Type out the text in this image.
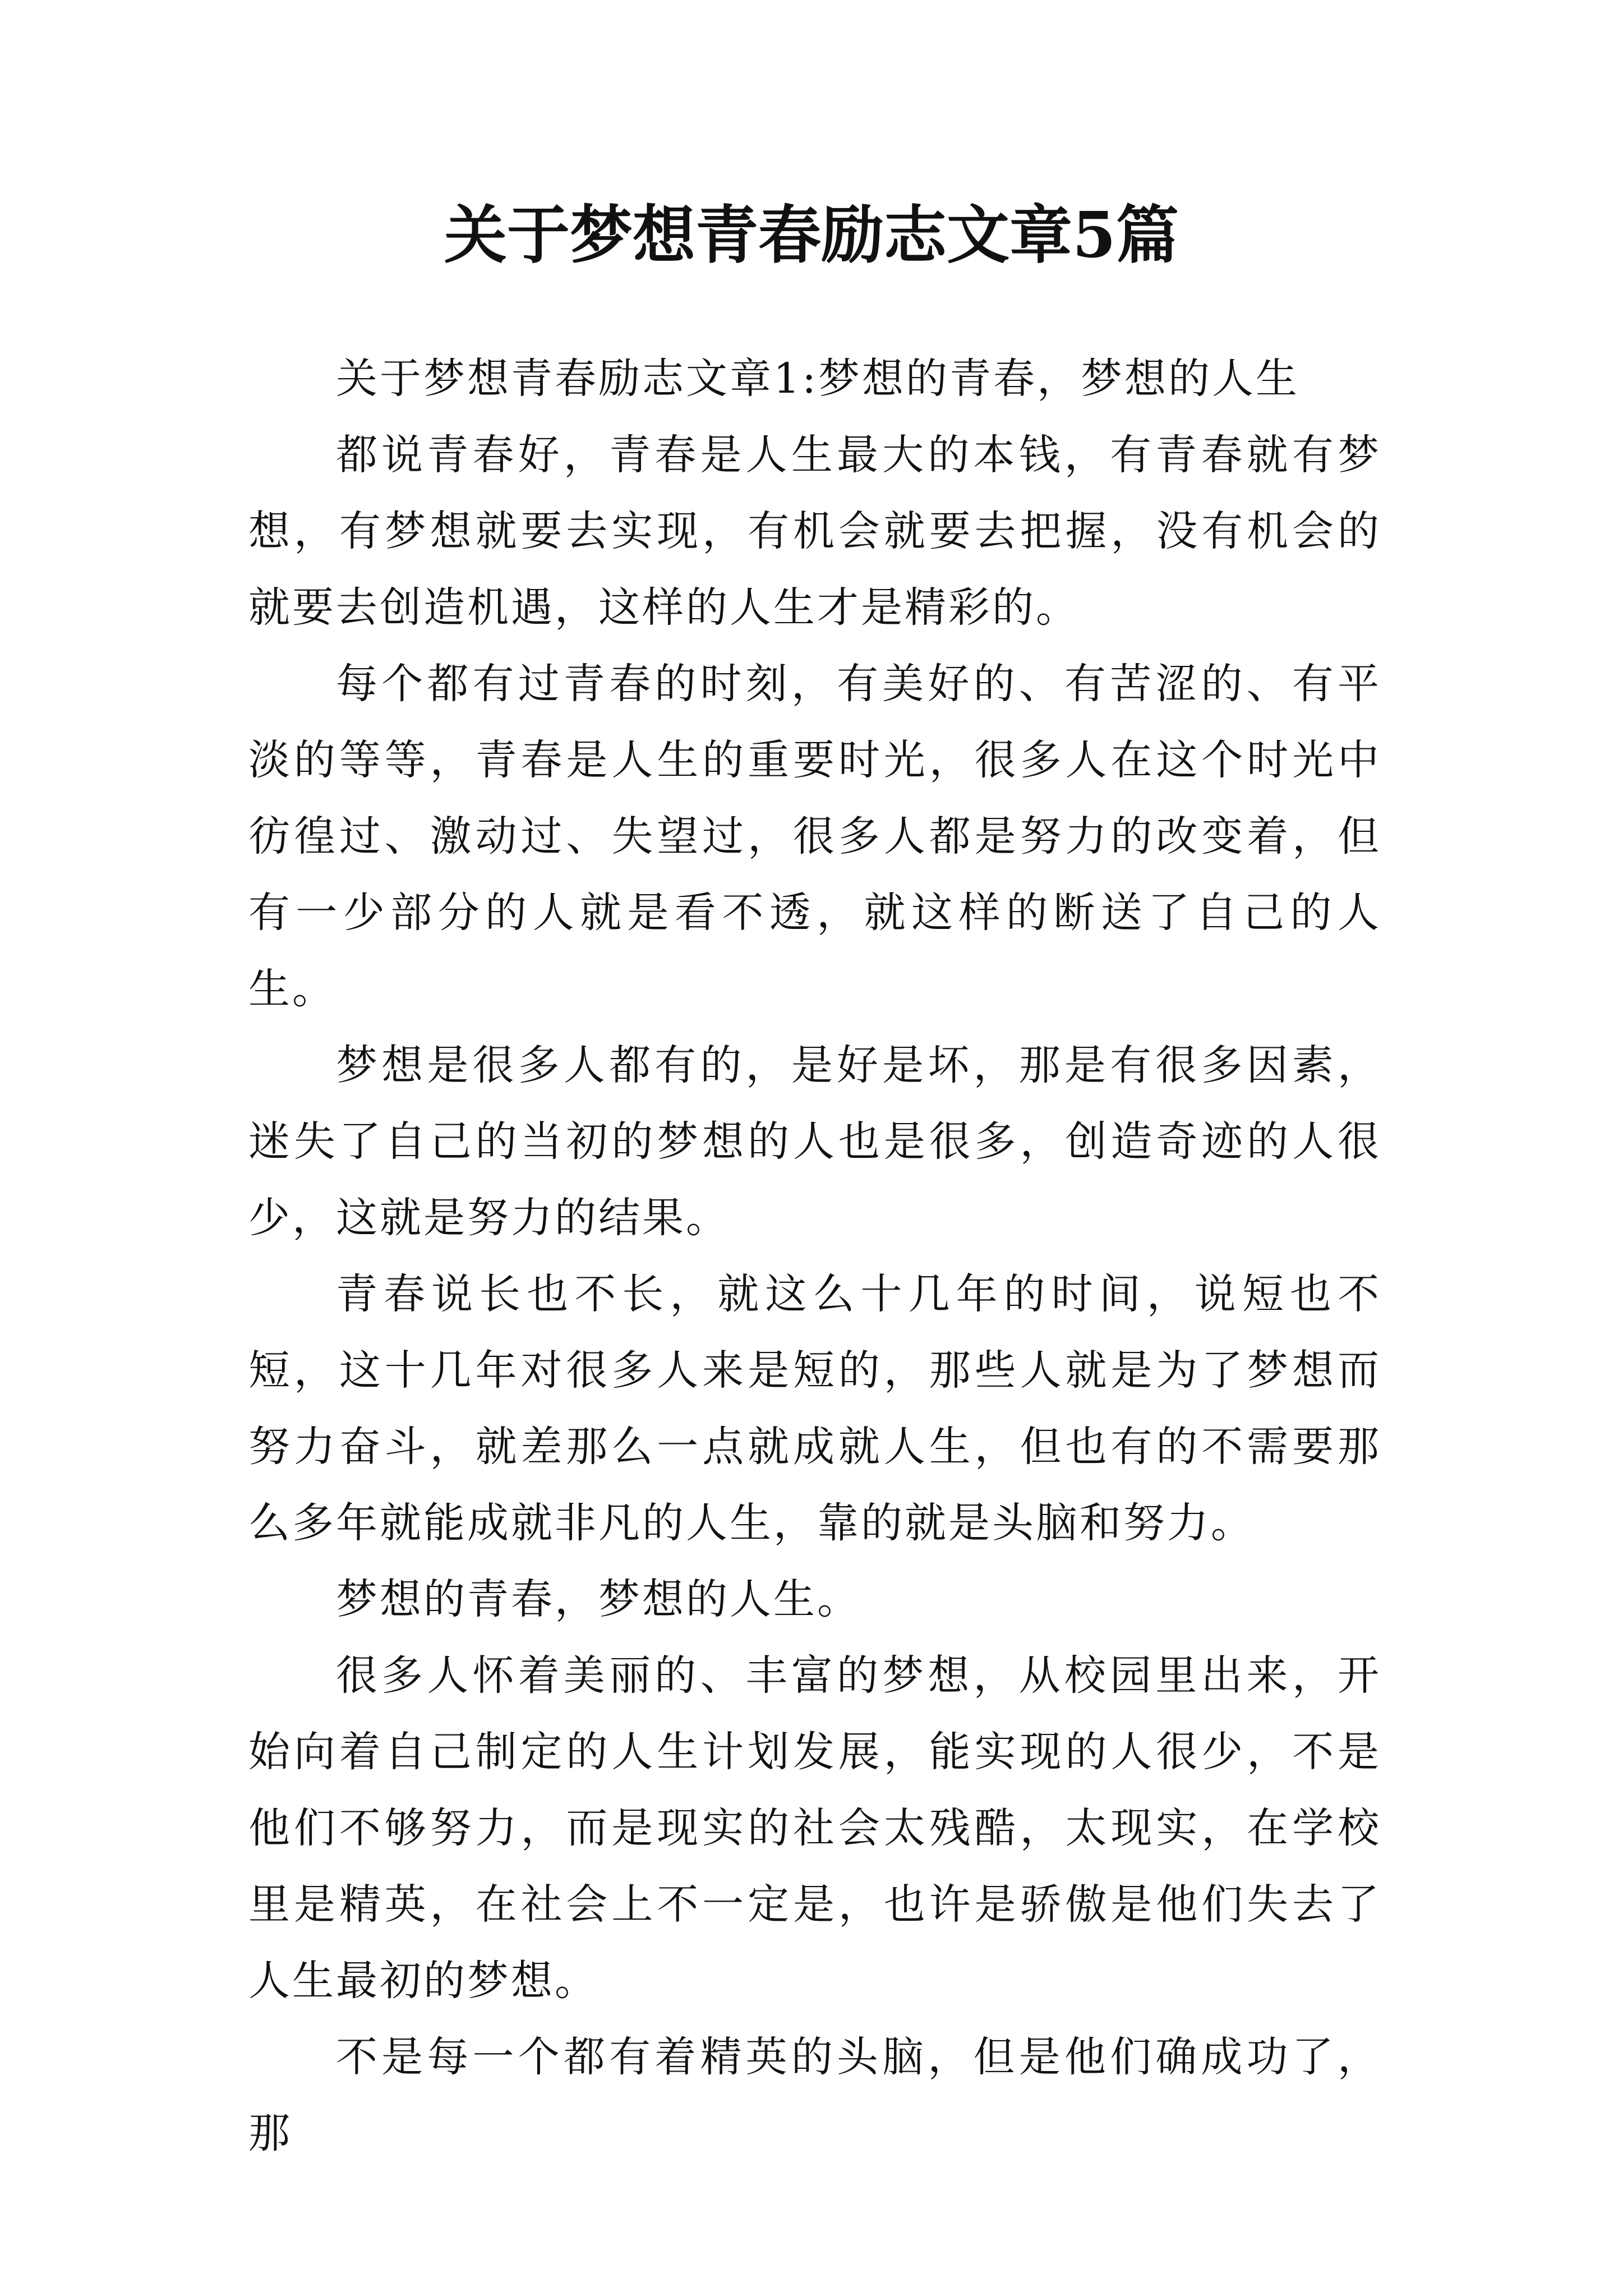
关于梦想青春励志文章5篇

关于梦想青春励志文章1:梦想的青春，梦想的人生

都说青春好，青春是人生最大的本钱，有青春就有梦想，有梦想就要去实现，有机会就要去把握，没有机会的就要去创造机遇，这样的人生才是精彩的。

每个都有过青春的时刻，有美好的、有苦涩的、有平淡的等等，青春是人生的重要时光，很多人在这个时光中彷徨过、激动过、失望过，很多人都是努力的改变着，但有一少部分的人就是看不透，就这样的断送了自己的人生。

梦想是很多人都有的，是好是坏，那是有很多因素，迷失了自己的当初的梦想的人也是很多，创造奇迹的人很少，这就是努力的结果。

青春说长也不长，就这么十几年的时间，说短也不短，这十几年对很多人来是短的，那些人就是为了梦想而努力奋斗，就差那么一点就成就人生，但也有的不需要那么多年就能成就非凡的人生，靠的就是头脑和努力。

梦想的青春，梦想的人生。

很多人怀着美丽的、丰富的梦想，从校园里出来，开始向着自己制定的人生计划发展，能实现的人很少，不是他们不够努力，而是现实的社会太残酷，太现实，在学校里是精英，在社会上不一定是，也许是骄傲是他们失去了人生最初的梦想。

不是每一个都有着精英的头脑，但是他们确成功了，那
